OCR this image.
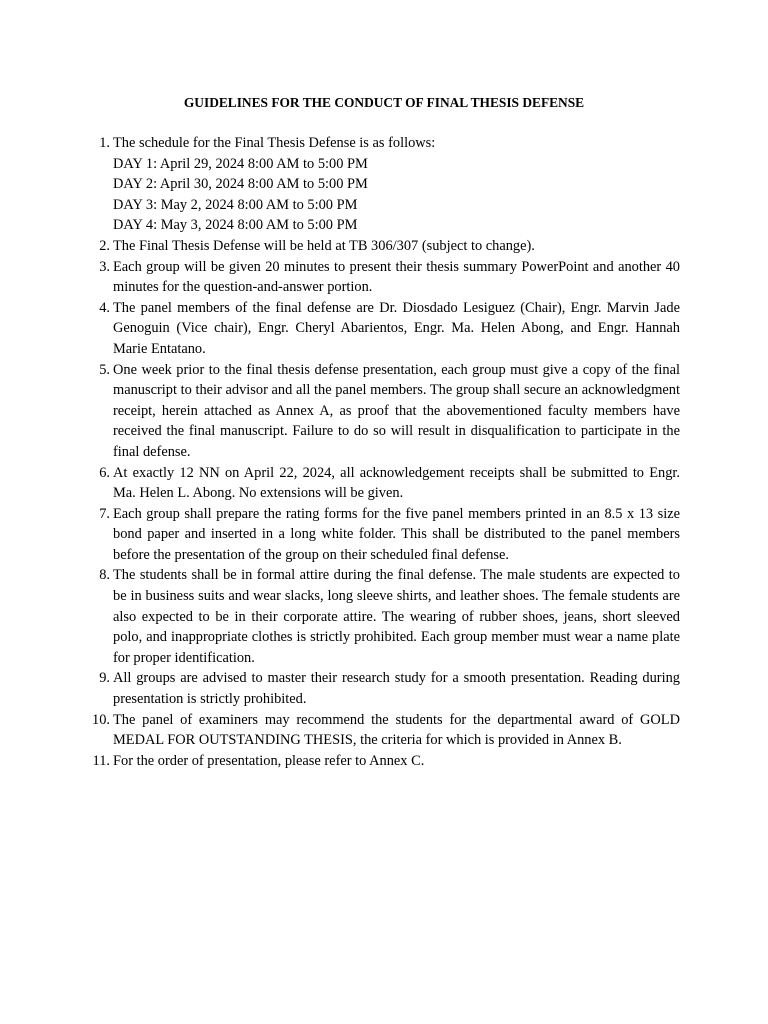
GUIDELINES FOR THE CONDUCT OF FINAL THESIS DEFENSE
1. The schedule for the Final Thesis Defense is as follows:
DAY 1: April 29, 2024 8:00 AM to 5:00 PM
DAY 2: April 30, 2024 8:00 AM to 5:00 PM
DAY 3: May 2, 2024 8:00 AM to 5:00 PM
DAY 4: May 3, 2024 8:00 AM to 5:00 PM
2. The Final Thesis Defense will be held at TB 306/307 (subject to change).
3. Each group will be given 20 minutes to present their thesis summary PowerPoint and another 40 minutes for the question-and-answer portion.
4. The panel members of the final defense are Dr. Diosdado Lesiguez (Chair), Engr. Marvin Jade Genoguin (Vice chair), Engr. Cheryl Abarientos, Engr. Ma. Helen Abong, and Engr. Hannah Marie Entatano.
5. One week prior to the final thesis defense presentation, each group must give a copy of the final manuscript to their advisor and all the panel members. The group shall secure an acknowledgment receipt, herein attached as Annex A, as proof that the abovementioned faculty members have received the final manuscript. Failure to do so will result in disqualification to participate in the final defense.
6. At exactly 12 NN on April 22, 2024, all acknowledgement receipts shall be submitted to Engr. Ma. Helen L. Abong. No extensions will be given.
7. Each group shall prepare the rating forms for the five panel members printed in an 8.5 x 13 size bond paper and inserted in a long white folder. This shall be distributed to the panel members before the presentation of the group on their scheduled final defense.
8. The students shall be in formal attire during the final defense. The male students are expected to be in business suits and wear slacks, long sleeve shirts, and leather shoes. The female students are also expected to be in their corporate attire. The wearing of rubber shoes, jeans, short sleeved polo, and inappropriate clothes is strictly prohibited. Each group member must wear a name plate for proper identification.
9. All groups are advised to master their research study for a smooth presentation. Reading during presentation is strictly prohibited.
10. The panel of examiners may recommend the students for the departmental award of GOLD MEDAL FOR OUTSTANDING THESIS, the criteria for which is provided in Annex B.
11. For the order of presentation, please refer to Annex C.
